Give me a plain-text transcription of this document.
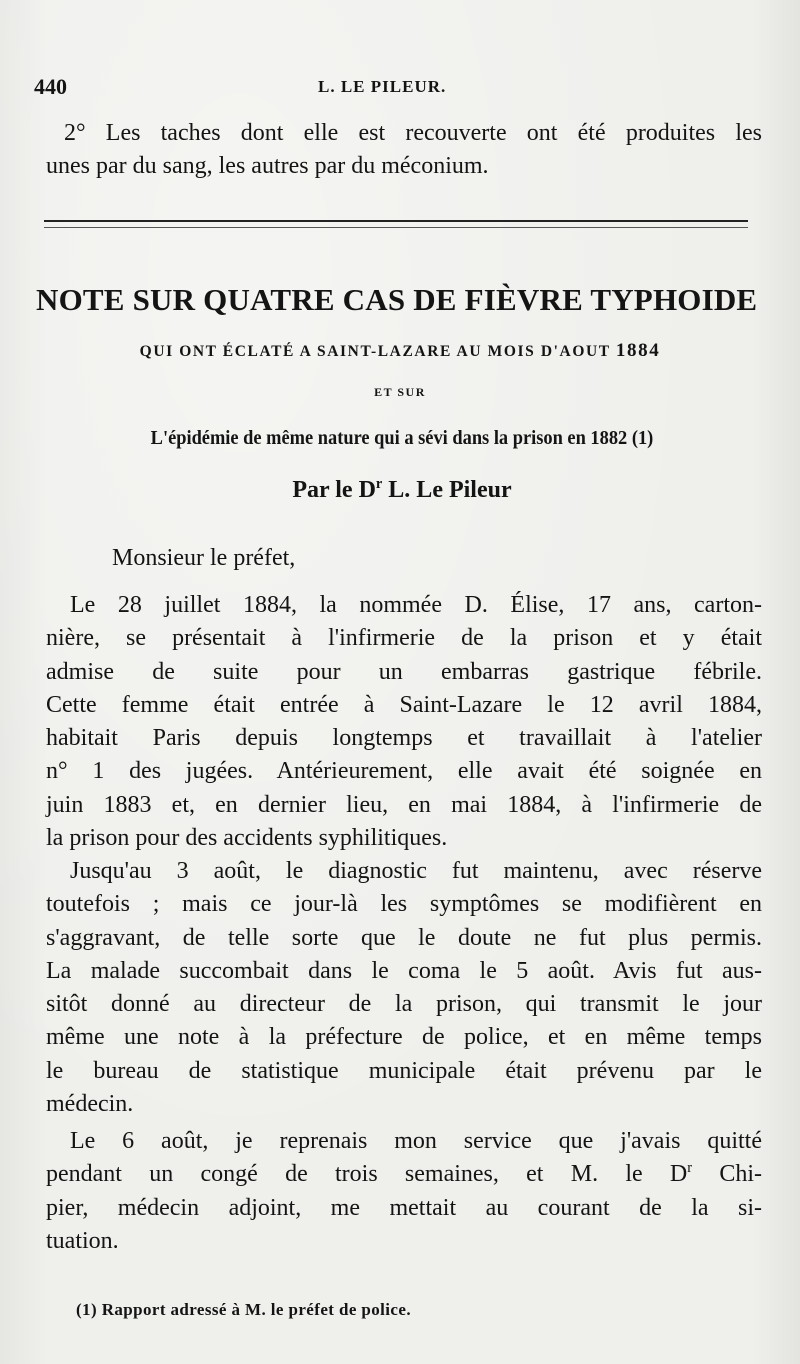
440	L. LE PILEUR.
2° Les taches dont elle est recouverte ont été produites les
unes par du sang, les autres par du méconium.
NOTE SUR QUATRE CAS DE FIÈVRE TYPHOIDE
QUI ONT ÉCLATÉ A SAINT-LAZARE AU MOIS D'AOUT 1884
ET SUR
L'épidémie de même nature qui a sévi dans la prison en 1882 (1)
Par le $D^r$ L. Le Pileur
Monsieur le préfet,
Le 28 juillet 1884, la nommée D. Élise, 17 ans, carton-
nière, se présentait à l'infirmerie de la prison et y était
admise de suite pour un embarras gastrique fébrile.
Cette femme était entrée à Saint-Lazare le 12 avril 1884,
habitait Paris depuis longtemps et travaillait à l'atelier
n° 1 des jugées. Antérieurement, elle avait été soignée en
juin 1883 et, en dernier lieu, en mai 1884, à l'infirmerie de
la prison pour des accidents syphilitiques.
Jusqu'au 3 août, le diagnostic fut maintenu, avec réserve
toutefois ; mais ce jour-là les symptômes se modifièrent en
s'aggravant, de telle sorte que le doute ne fut plus permis.
La malade succombait dans le coma le 5 août. Avis fut aus-
sitôt donné au directeur de la prison, qui transmit le jour
même une note à la préfecture de police, et en même temps
le bureau de statistique municipale était prévenu par le
médecin.
Le 6 août, je reprenais mon service que j'avais quitté
pendant un congé de trois semaines, et M. le $D^r$ Chi-
pier, médecin adjoint, me mettait au courant de la si-
tuation.
(1) Rapport adressé à M. le préfet de police.
